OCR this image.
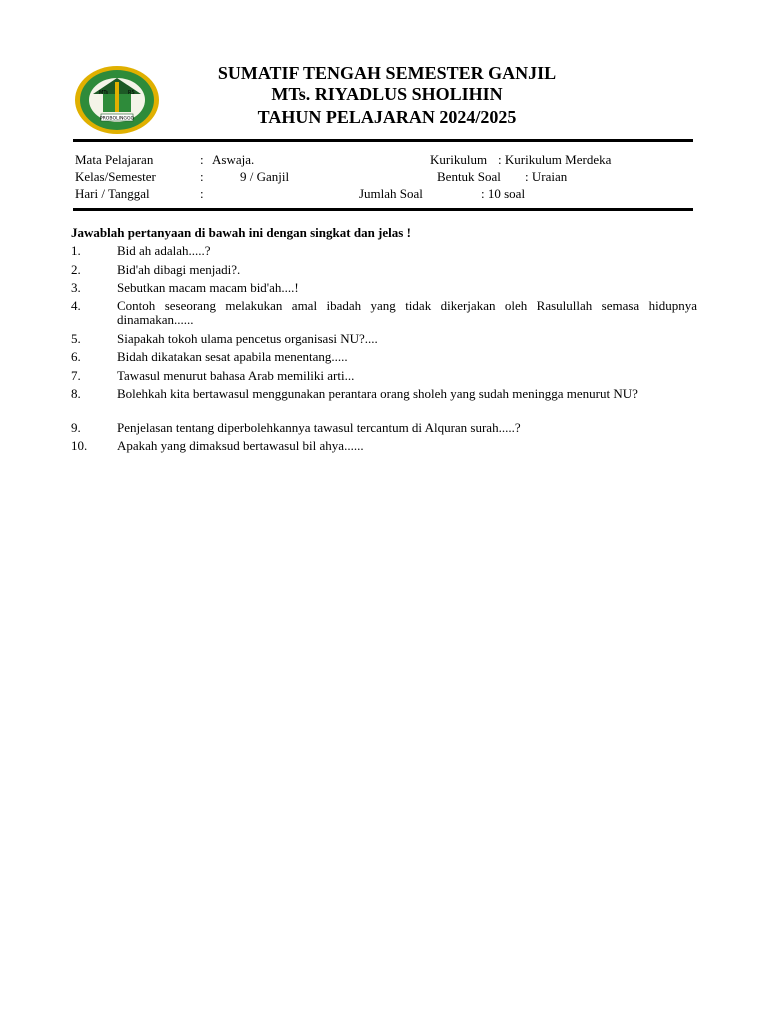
MTs	RS
PROBOLINGGO
SUMATIF TENGAH SEMESTER GANJIL
MTs. RIYADLUS SHOLIHIN
TAHUN PELAJARAN 2024/2025
Mata Pelajaran	: Aswaja.
Kelas/Semester	:	9 / Ganjil
Hari / Tanggal	:
Kurikulum : Kurikulum Merdeka
Bentuk Soal : Uraian
Jumlah Soal	: 10 soal
Jawablah pertanyaan di bawah ini dengan singkat dan jelas !
1.	Bid ah adalah.....?
2.	Bid'ah dibagi menjadi?.
3.	Sebutkan macam macam bid'ah....!
4.	Contoh seseorang melakukan amal ibadah yang tidak dikerjakan oleh Rasulullah semasa hidupnya dinamakan......
5.	Siapakah tokoh ulama pencetus organisasi NU?....
6.	Bidah dikatakan sesat apabila menentang.....
7.	Tawasul menurut bahasa Arab memiliki arti...
8.	Bolehkah kita bertawasul menggunakan perantara orang sholeh yang sudah meningga menurut NU?
9.	Penjelasan tentang diperbolehkannya tawasul tercantum di Alquran surah.....?
10. Apakah yang dimaksud bertawasul bil ahya......
